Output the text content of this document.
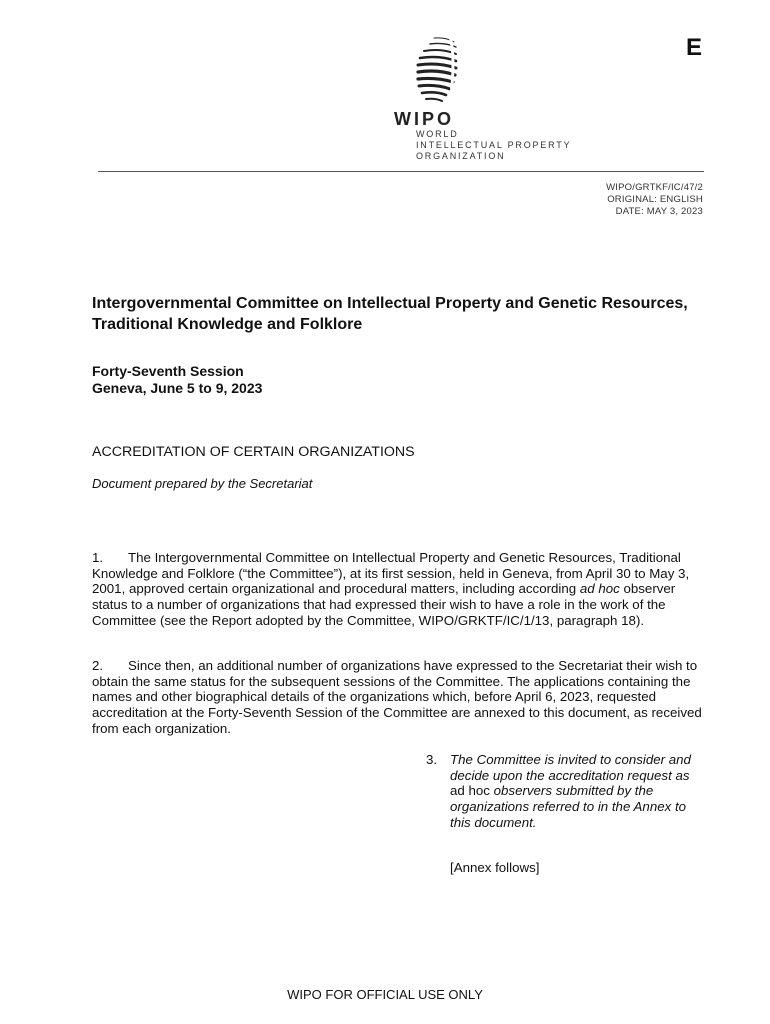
E
WIPO
WORLD
INTELLECTUAL PROPERTY
ORGANIZATION
WIPO/GRTKF/IC/47/2
ORIGINAL: ENGLISH
DATE: MAY 3, 2023
Intergovernmental Committee on Intellectual Property and Genetic Resources, Traditional Knowledge and Folklore
Forty-Seventh Session
Geneva, June 5 to 9, 2023
ACCREDITATION OF CERTAIN ORGANIZATIONS
Document prepared by the Secretariat
1. The Intergovernmental Committee on Intellectual Property and Genetic Resources, Traditional Knowledge and Folklore (“the Committee”), at its first session, held in Geneva, from April 30 to May 3, 2001, approved certain organizational and procedural matters, including according ad hoc observer status to a number of organizations that had expressed their wish to have a role in the work of the Committee (see the Report adopted by the Committee, WIPO/GRKTF/IC/1/13, paragraph 18).
2. Since then, an additional number of organizations have expressed to the Secretariat their wish to obtain the same status for the subsequent sessions of the Committee. The applications containing the names and other biographical details of the organizations which, before April 6, 2023, requested accreditation at the Forty-Seventh Session of the Committee are annexed to this document, as received from each organization.
3. The Committee is invited to consider and decide upon the accreditation request as ad hoc observers submitted by the organizations referred to in the Annex to this document.
[Annex follows]
WIPO FOR OFFICIAL USE ONLY
